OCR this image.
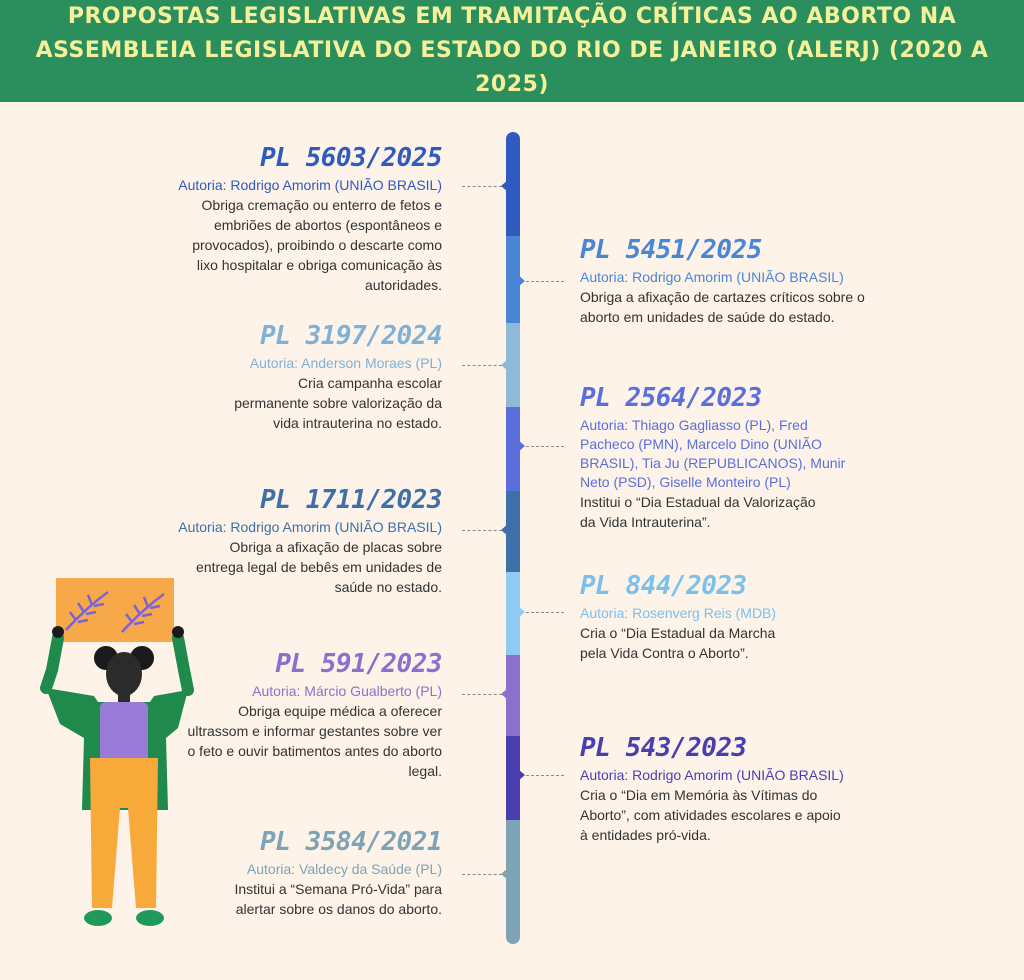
PROPOSTAS LEGISLATIVAS EM TRAMITAÇÃO CRÍTICAS AO ABORTO NA
ASSEMBLEIA LEGISLATIVA DO ESTADO DO RIO DE JANEIRO (ALERJ) (2020 A 2025)
PL 5603/2025
Autoria: Rodrigo Amorim (UNIÃO BRASIL)
Obriga cremação ou enterro de fetos e embriões de abortos (espontâneos e provocados), proibindo o descarte como lixo hospitalar e obriga comunicação às autoridades.
PL 3197/2024
Autoria: Anderson Moraes (PL)
Cria campanha escolar permanente sobre valorização da vida intrauterina no estado.
PL 1711/2023
Autoria: Rodrigo Amorim (UNIÃO BRASIL)
Obriga a afixação de placas sobre entrega legal de bebês em unidades de saúde no estado.
PL 591/2023
Autoria: Márcio Gualberto (PL)
Obriga equipe médica a oferecer ultrassom e informar gestantes sobre ver o feto e ouvir batimentos antes do aborto legal.
PL 3584/2021
Autoria: Valdecy da Saúde (PL)
Institui a “Semana Pró-Vida” para alertar sobre os danos do aborto.
PL 5451/2025
Autoria: Rodrigo Amorim (UNIÃO BRASIL)
Obriga a afixação de cartazes críticos sobre o aborto em unidades de saúde do estado.
PL 2564/2023
Autoria: Thiago Gagliasso (PL), Fred Pacheco (PMN), Marcelo Dino (UNIÃO BRASIL), Tia Ju (REPUBLICANOS), Munir Neto (PSD), Giselle Monteiro (PL)
Institui o “Dia Estadual da Valorização da Vida Intrauterina”.
PL 844/2023
Autoria: Rosenverg Reis (MDB)
Cria o “Dia Estadual da Marcha pela Vida Contra o Aborto”.
PL 543/2023
Autoria: Rodrigo Amorim (UNIÃO BRASIL)
Cria o “Dia em Memória às Vítimas do Aborto”, com atividades escolares e apoio à entidades pró-vida.
